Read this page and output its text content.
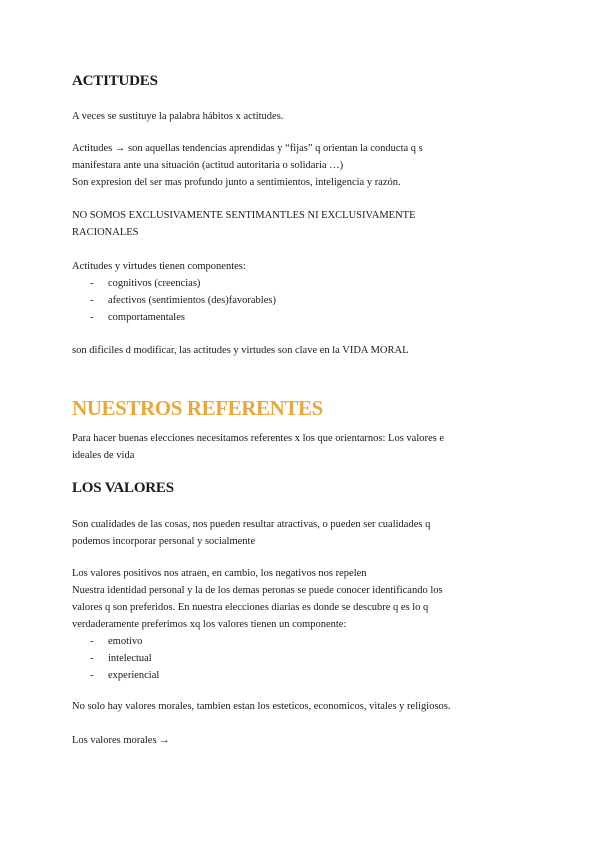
ACTITUDES
A veces se sustituye la palabra hábitos x actitudes.
Actitudes → son aquellas tendencias aprendidas y “fijas” q orientan la conducta q s
manifestara ante una situación (actitud autoritaria o solidaria …)
Son expresion del ser mas profundo junto a sentimientos, inteligencia y razón.
NO SOMOS EXCLUSIVAMENTE SENTIMANTLES NI EXCLUSIVAMENTE
RACIONALES
Actitudes y virtudes tienen componentes:
- cognitivos (creencias)
- afectivos (sentimientos (des)favorables)
- comportamentales
son dificiles d modificar, las actitudes y virtudes son clave en la VIDA MORAL
NUESTROS REFERENTES
Para hacer buenas elecciones necesitamos referentes x los que orientarnos: Los valores e
ideales de vida
LOS VALORES
Son cualidades de las cosas, nos pueden resultar atractivas, o pueden ser cualidades q
podemos incorporar personal y socialmente
Los valores positivos nos atraen, en cambio, los negativos nos repelen
Nuestra identidad personal y la de los demas peronas se puede conocer identificando los
valores q son preferidos. En nuestra elecciones diarias es donde se descubre q es lo q
verdaderamente preferimos xq los valores tienen un componente:
- emotivo
- intelectual
- experiencial
No solo hay valores morales, tambien estan los esteticos, economicos, vitales y religiosos.
Los valores morales →
